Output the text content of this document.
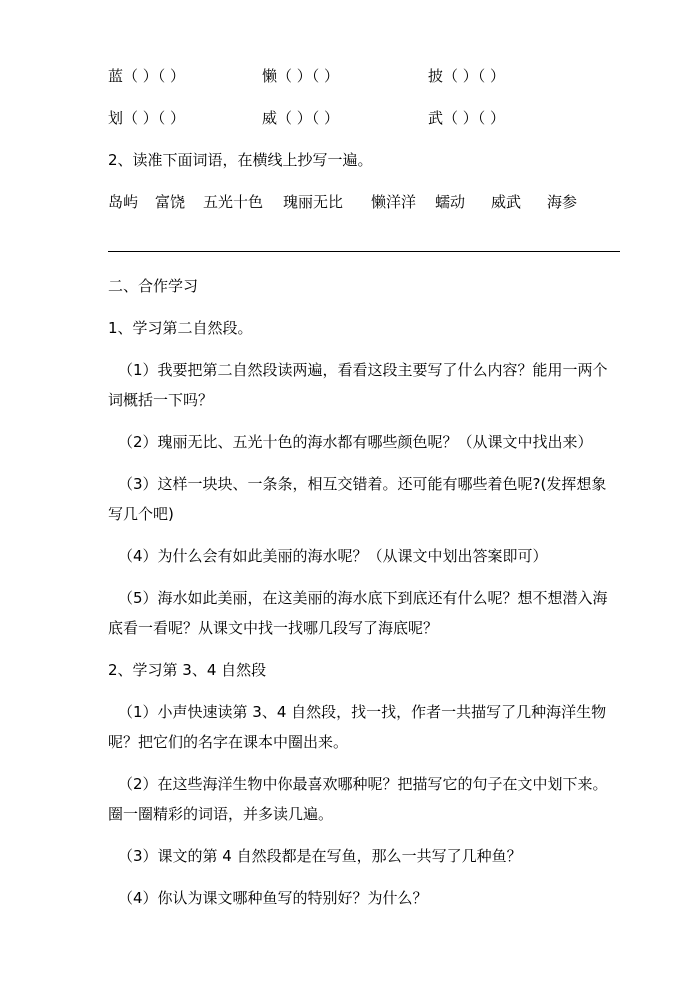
蓝（ ）（ ）	懒（ ）（ ）	披（ ）（ ）
划（ ）（ ）	威（ ）（ ）	武（ ）（ ）
2、读准下面词语，在横线上抄写一遍。
岛屿 富饶 五光十色 瑰丽无比 懒洋洋 蠕动 威武 海参
二、合作学习
1、学习第二自然段。
（1）我要把第二自然段读两遍，看看这段主要写了什么内容？能用一两个
词概括一下吗？
（2）瑰丽无比、五光十色的海水都有哪些颜色呢？（从课文中找出来）
（3）这样一块块、一条条，相互交错着。还可能有哪些着色呢?(发挥想象
写几个吧)
（4）为什么会有如此美丽的海水呢？（从课文中划出答案即可）
（5）海水如此美丽，在这美丽的海水底下到底还有什么呢？想不想潜入海
底看一看呢？从课文中找一找哪几段写了海底呢？
2、学习第 3、4 自然段
（1）小声快速读第 3、4 自然段，找一找，作者一共描写了几种海洋生物
呢？把它们的名字在课本中圈出来。
（2）在这些海洋生物中你最喜欢哪种呢？把描写它的句子在文中划下来。
圈一圈精彩的词语，并多读几遍。
（3）课文的第 4 自然段都是在写鱼，那么一共写了几种鱼？
（4）你认为课文哪种鱼写的特别好？为什么？
